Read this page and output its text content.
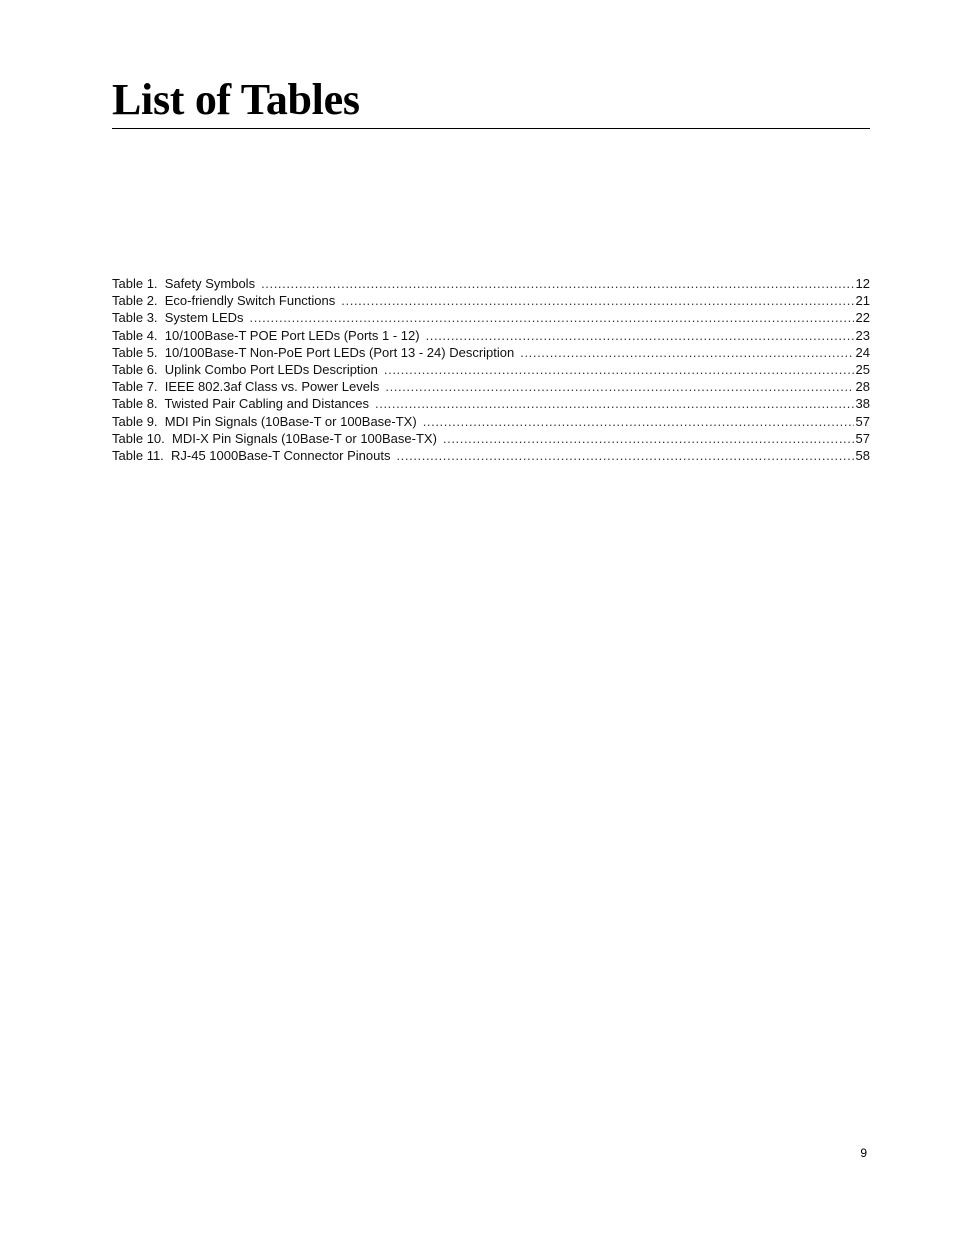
List of Tables
Table 1.  Safety Symbols .....	12
Table 2.  Eco-friendly Switch Functions .....	21
Table 3.  System LEDs .....	22
Table 4.  10/100Base-T POE Port LEDs (Ports 1 - 12) .....	23
Table 5.  10/100Base-T Non-PoE Port LEDs (Port 13 - 24) Description .....	24
Table 6.  Uplink Combo Port LEDs Description .....	25
Table 7.  IEEE 802.3af Class vs. Power Levels .....	28
Table 8.  Twisted Pair Cabling and Distances .....	38
Table 9.  MDI Pin Signals (10Base-T or 100Base-TX) .....	57
Table 10.  MDI-X Pin Signals (10Base-T or 100Base-TX) .....	57
Table 11.  RJ-45 1000Base-T Connector Pinouts .....	58
9
